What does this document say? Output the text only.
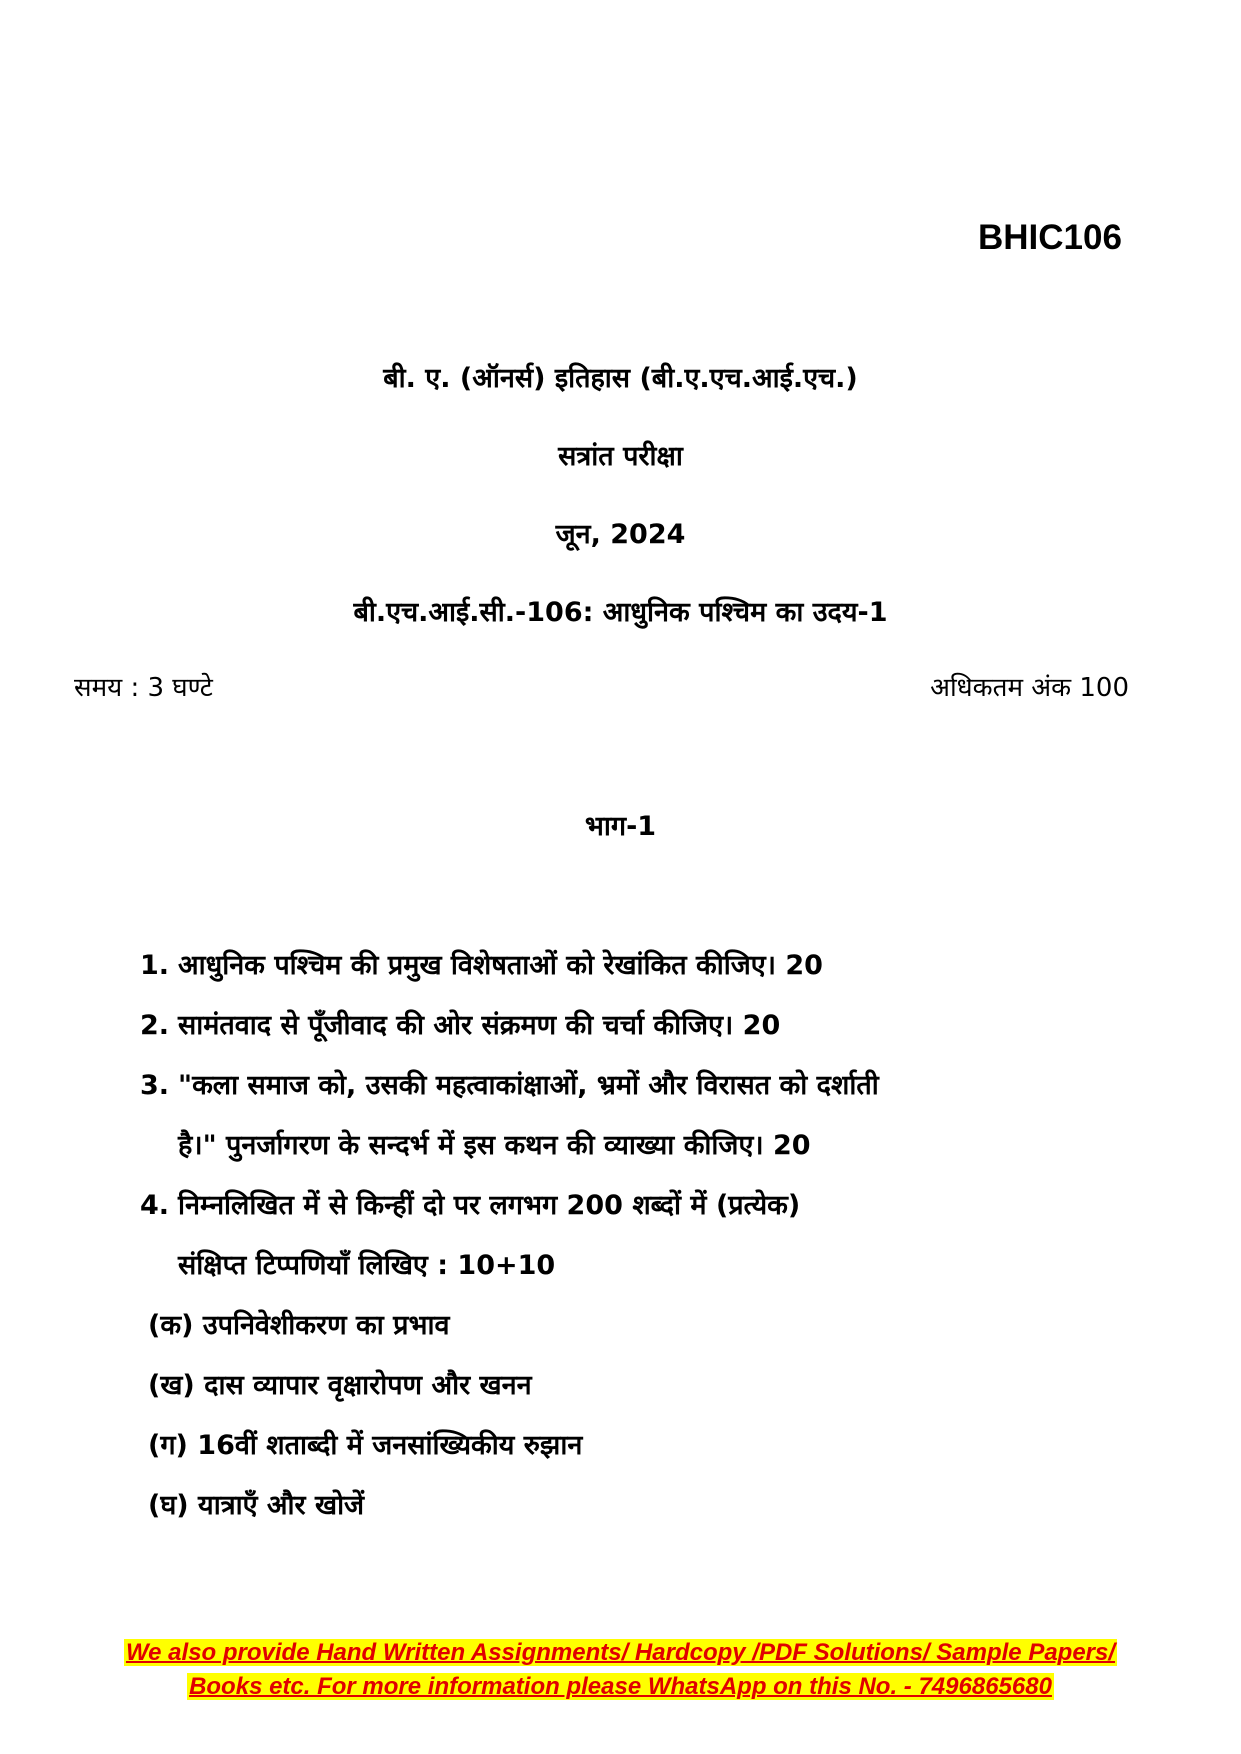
BHIC106
बी. ए. (ऑनर्स) इतिहास (बी.ए.एच.आई.एच.)
सत्रांत परीक्षा
जून, 2024
बी.एच.आई.सी.-106: आधुनिक पश्चिम का उदय-1
समय : 3 घण्टे	अधिकतम अंक 100
भाग-1
1. आधुनिक पश्चिम की प्रमुख विशेषताओं को रेखांकित कीजिए। 20
2. सामंतवाद से पूँजीवाद की ओर संक्रमण की चर्चा कीजिए। 20
3. "कला समाज को, उसकी महत्वाकांक्षाओं, भ्रमों और विरासत को दर्शाती
है।" पुनर्जागरण के सन्दर्भ में इस कथन की व्याख्या कीजिए। 20
4. निम्नलिखित में से किन्हीं दो पर लगभग 200 शब्दों में (प्रत्येक)
संक्षिप्त टिप्पणियाँ लिखिए : 10+10
(क) उपनिवेशीकरण का प्रभाव
(ख) दास व्यापार वृक्षारोपण और खनन
(ग) 16वीं शताब्दी में जनसांख्यिकीय रुझान
(घ) यात्राएँ और खोजें
We also provide Hand Written Assignments/ Hardcopy /PDF Solutions/ Sample Papers/
Books etc. For more information please WhatsApp on this No. - 7496865680
